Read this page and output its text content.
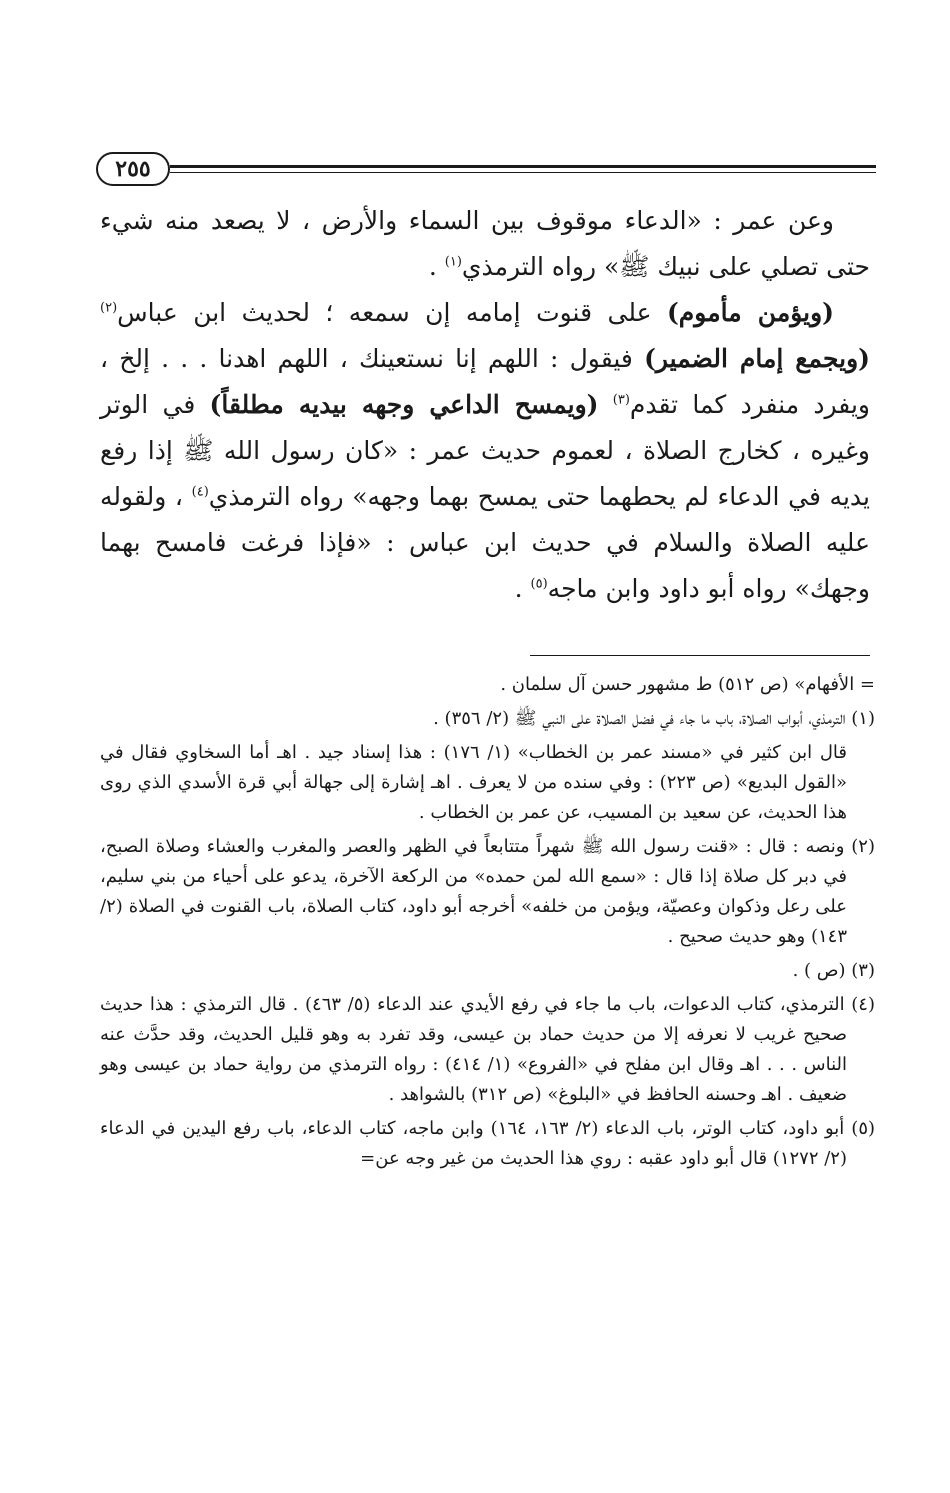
٢٥٥

وعن عمر : «الدعاء موقوف بين السماء والأرض ، لا يصعد منه شيء حتى تصلي على نبيك ﷺ» رواه الترمذي$^{(١)}$ .

(ويؤمن مأموم) على قنوت إمامه إن سمعه ؛ لحديث ابن عباس$^{(٢)}$ (ويجمع إمام الضمير) فيقول : اللهم إنا نستعينك ، اللهم اهدنا . . . إلخ ، ويفرد منفرد كما تقدم$^{(٣)}$ (ويمسح الداعي وجهه بيديه مطلقاً) في الوتر وغيره ، كخارج الصلاة ، لعموم حديث عمر : «كان رسول الله ﷺ إذا رفع يديه في الدعاء لم يحطهما حتى يمسح بهما وجهه» رواه الترمذي$^{(٤)}$ ، ولقوله عليه الصلاة والسلام في حديث ابن عباس : «فإذا فرغت فامسح بهما وجهك» رواه أبو داود وابن ماجه$^{(٥)}$ .

= الأفهام» (ص ٥١٢) ط مشهور حسن آل سلمان .

(١) الترمذي، أبواب الصلاة، باب ما جاء في فضل الصلاة على النبي ﷺ (٢/ ٣٥٦) .

قال ابن كثير في «مسند عمر بن الخطاب» (١/ ١٧٦) : هذا إسناد جيد . اهـ أما السخاوي فقال في «القول البديع» (ص ٢٢٣) : وفي سنده من لا يعرف . اهـ إشارة إلى جهالة أبي قرة الأسدي الذي روى هذا الحديث، عن سعيد بن المسيب، عن عمر بن الخطاب .

(٢) ونصه : قال : «قنت رسول الله ﷺ شهراً متتابعاً في الظهر والعصر والمغرب والعشاء وصلاة الصبح، في دبر كل صلاة إذا قال : «سمع الله لمن حمده» من الركعة الآخرة، يدعو على أحياء من بني سليم، على رعل وذكوان وعصيّة، ويؤمن من خلفه» أخرجه أبو داود، كتاب الصلاة، باب القنوت في الصلاة (٢/ ١٤٣) وهو حديث صحيح .

(٣) (ص ) .

(٤) الترمذي، كتاب الدعوات، باب ما جاء في رفع الأيدي عند الدعاء (٥/ ٤٦٣) . قال الترمذي : هذا حديث صحيح غريب لا نعرفه إلا من حديث حماد بن عيسى، وقد تفرد به وهو قليل الحديث، وقد حدَّث عنه الناس . . . اهـ وقال ابن مفلح في «الفروع» (١/ ٤١٤) : رواه الترمذي من رواية حماد بن عيسى وهو ضعيف . اهـ وحسنه الحافظ في «البلوغ» (ص ٣١٢) بالشواهد .

(٥) أبو داود، كتاب الوتر، باب الدعاء (٢/ ١٦٣، ١٦٤) وابن ماجه، كتاب الدعاء، باب رفع اليدين في الدعاء (٢/ ١٢٧٢) قال أبو داود عقبه : روي هذا الحديث من غير وجه عن=
